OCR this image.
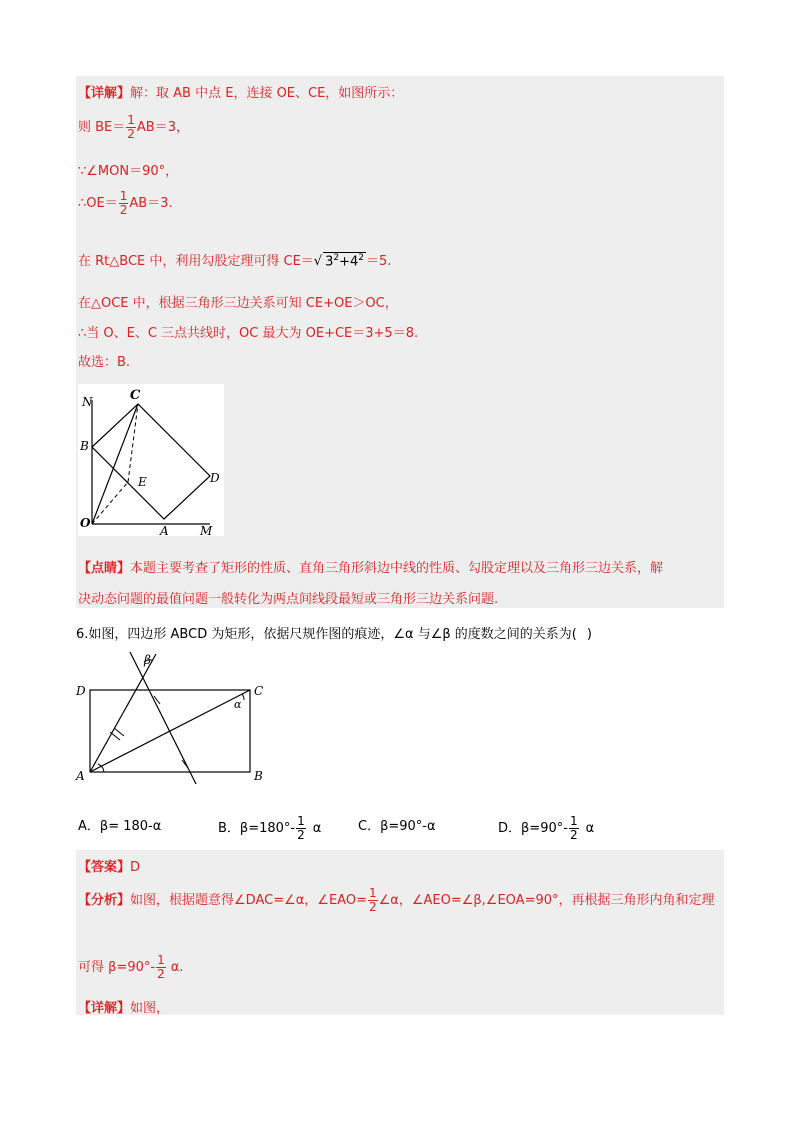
【详解】解：取 AB 中点 E，连接 OE、CE，如图所示：
则 $BE= \frac{1}{2} AB=3$，
∵∠MON＝90°，
∴OE＝ $\frac{1}{2} AB=3$.
在 Rt△BCE 中，利用勾股定理可得 CE＝√ $3^2+4^2 =5$.
在△OCE 中，根据三角形三边关系可知 CE+OE＞OC，
∴当 O、E、C 三点共线时，OC 最大为 OE+CE＝3+5＝8.
故选：B.
N	C
B
E	D
O
A	M
【点睛】本题主要考查了矩形的性质、直角三角形斜边中线的性质、勾股定理以及三角形三边关系，解
决动态问题的最值问题一般转化为两点间线段最短或三角形三边关系问题.
6.如图，四边形 ABCD 为矩形，依据尺规作图的痕迹，∠α 与∠β 的度数之间的关系为( )
β
D	C
α
A	B
A．β= 180-α	B．$\beta=180^\circ- \frac{1}{2}$ α	C．β=90°-α	D．$\beta=90^\circ- \frac{1}{2}$ α
【答案】D
【分析】如图，根据题意得∠DAC=∠α，∠EAO= $\frac{1}{2}$ ∠α，∠AEO=∠β,∠EOA=90°，再根据三角形内角和定理
可得 $\beta=90^\circ- \frac{1}{2} \alpha$.
【详解】如图，
